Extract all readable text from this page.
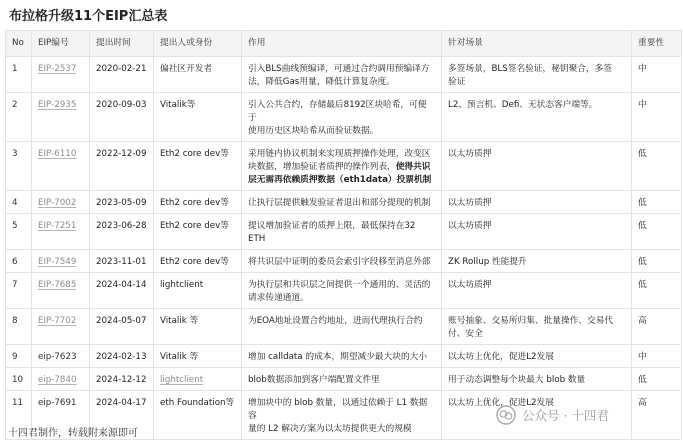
布拉格升级11个EIP汇总表
No	EIP编号	提出时间	提出人或身份	作用	针对场景	重要性
1	EIP-2537	2020-02-21	偏社区开发者	引入BLS曲线预编译，可通过合约调用预编译方
法，降低Gas用量，降低计算复杂度。	多签场景，BLS签名验证，秘钥聚合，多签
验证	中
2	EIP-2935	2020-09-03	Vitalik等	引入公共合约，存储最后8192区块哈希，可便于
使用历史区块哈希从而验证数据。	L2、预言机、Defi、无状态客户端等。	中
3	EIP-6110	2022-12-09	Eth2 core dev等	采用链内协议机制来实现质押操作处理，改变区
块数据，增加验证者质押的操作列表，使得共识
层无需再依赖质押数据（eth1data）投票机制	以太坊质押	低
4	EIP-7002	2023-05-09	Eth2 core dev等	让执行层提供触发验证者退出和部分提现的机制	以太坊质押	低
5	EIP-7251	2023-06-28	Eth2 core dev等	提议增加验证者的质押上限，最低保持在32
ETH	以太坊质押	低
6	EIP-7549	2023-11-01	Eth2 core dev等	将共识层中证明的委员会索引字段移至消息外部	ZK Rollup 性能提升	低
7	EIP-7685	2024-04-14	lightclient	为执行层和共识层之间提供一个通用的、灵活的
请求传递通道。	以太坊质押	低
8	EIP-7702	2024-05-07	Vitalik 等	为EOA地址设置合约地址，进而代理执行合约	账号抽象、交易所归集、批量操作、交易代
付、安全	高
9	eip-7623	2024-02-13	Vitalik 等	增加 calldata 的成本，期望减少最大块的大小	以太坊上优化，促进L2发展	中
10	eip-7840	2024-12-12	lightclient	blob数据添加到客户端配置文件里	用于动态调整每个块最大 blob 数量	低
11	eip-7691	2024-04-17	eth Foundation等	增加块中的 blob 数量，以通过依赖于 L1 数据容
量的 L2 解决方案为以太坊提供更大的规模	以太坊上优化，促进L2发展	高
十四君制作，转载附来源即可
公众号 · 十四君
